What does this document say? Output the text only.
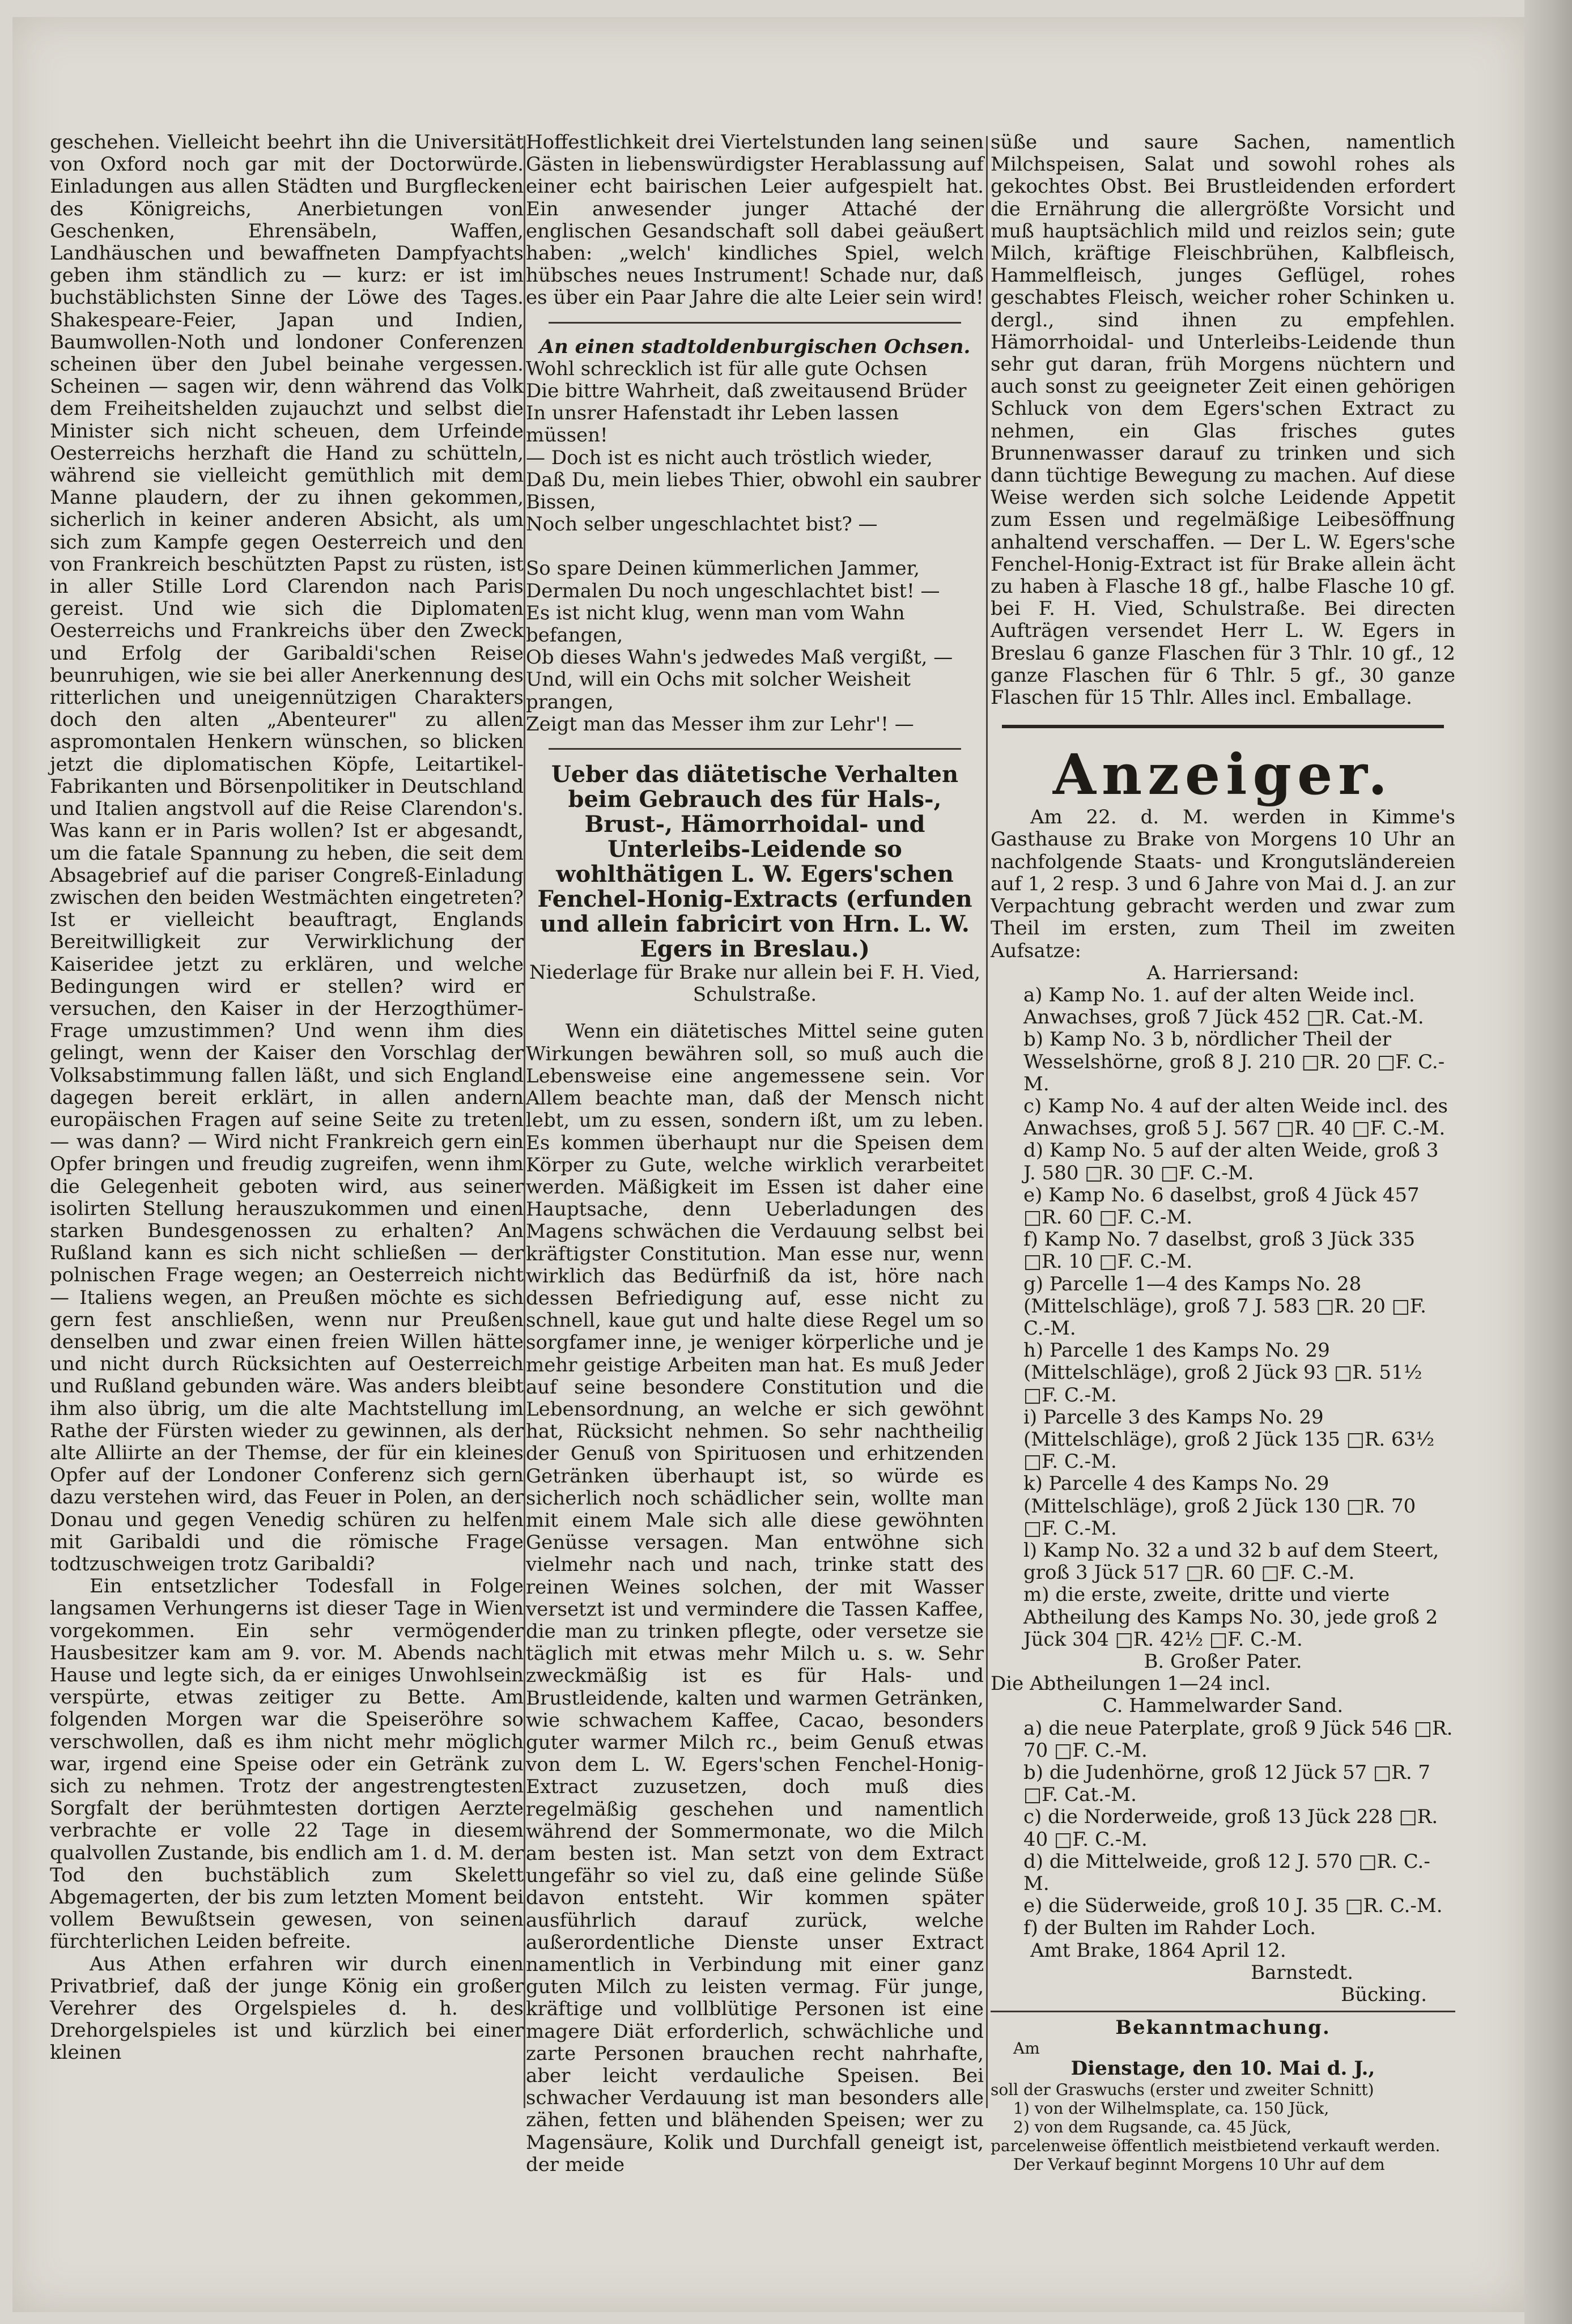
geschehen. Vielleicht beehrt ihn die Universität von Oxford noch gar mit der Doctorwürde. Einladungen aus allen Städten und Burgflecken des Königreichs, Anerbietungen von Geschenken, Ehrensäbeln, Waffen, Landhäuschen und bewaffneten Dampfyachts geben ihm ständlich zu — kurz: er ist im buchstäblichsten Sinne der Löwe des Tages. Shakespeare-Feier, Japan und Indien, Baumwollen-Noth und londoner Conferenzen scheinen über den Jubel beinahe vergessen. Scheinen — sagen wir, denn während das Volk dem Freiheitshelden zujauchzt und selbst die Minister sich nicht scheuen, dem Urfeinde Oesterreichs herzhaft die Hand zu schütteln, während sie vielleicht gemüthlich mit dem Manne plaudern, der zu ihnen gekommen, sicherlich in keiner anderen Absicht, als um sich zum Kampfe gegen Oesterreich und den von Frankreich beschützten Papst zu rüsten, ist in aller Stille Lord Clarendon nach Paris gereist. Und wie sich die Diplomaten Oesterreichs und Frankreichs über den Zweck und Erfolg der Garibaldi'schen Reise beunruhigen, wie sie bei aller Anerkennung des ritterlichen und uneigennützigen Charakters doch den alten „Abenteurer" zu allen aspromontalen Henkern wünschen, so blicken jetzt die diplomatischen Köpfe, Leitartikel-Fabrikanten und Börsenpolitiker in Deutschland und Italien angstvoll auf die Reise Clarendon's. Was kann er in Paris wollen? Ist er abgesandt, um die fatale Spannung zu heben, die seit dem Absagebrief auf die pariser Congreß-Einladung zwischen den beiden Westmächten eingetreten? Ist er vielleicht beauftragt, Englands Bereitwilligkeit zur Verwirklichung der Kaiseridee jetzt zu erklären, und welche Bedingungen wird er stellen? wird er versuchen, den Kaiser in der Herzogthümer-Frage umzustimmen? Und wenn ihm dies gelingt, wenn der Kaiser den Vorschlag der Volksabstimmung fallen läßt, und sich England dagegen bereit erklärt, in allen andern europäischen Fragen auf seine Seite zu treten — was dann? — Wird nicht Frankreich gern ein Opfer bringen und freudig zugreifen, wenn ihm die Gelegenheit geboten wird, aus seiner isolirten Stellung herauszukommen und einen starken Bundesgenossen zu erhalten? An Rußland kann es sich nicht schließen — der polnischen Frage wegen; an Oesterreich nicht — Italiens wegen, an Preußen möchte es sich gern fest anschließen, wenn nur Preußen denselben und zwar einen freien Willen hätte und nicht durch Rücksichten auf Oesterreich und Rußland gebunden wäre. Was anders bleibt ihm also übrig, um die alte Machtstellung im Rathe der Fürsten wieder zu gewinnen, als der alte Alliirte an der Themse, der für ein kleines Opfer auf der Londoner Conferenz sich gern dazu verstehen wird, das Feuer in Polen, an der Donau und gegen Venedig schüren zu helfen mit Garibaldi und die römische Frage todtzuschweigen trotz Garibaldi?

Ein entsetzlicher Todesfall in Folge langsamen Verhungerns ist dieser Tage in Wien vorgekommen. Ein sehr vermögender Hausbesitzer kam am 9. vor. M. Abends nach Hause und legte sich, da er einiges Unwohlsein verspürte, etwas zeitiger zu Bette. Am folgenden Morgen war die Speiseröhre so verschwollen, daß es ihm nicht mehr möglich war, irgend eine Speise oder ein Getränk zu sich zu nehmen. Trotz der angestrengtesten Sorgfalt der berühmtesten dortigen Aerzte verbrachte er volle 22 Tage in diesem qualvollen Zustande, bis endlich am 1. d. M. der Tod den buchstäblich zum Skelett Abgemagerten, der bis zum letzten Moment bei vollem Bewußtsein gewesen, von seinen fürchterlichen Leiden befreite.

Aus Athen erfahren wir durch einen Privatbrief, daß der junge König ein großer Verehrer des Orgelspieles d. h. des Drehorgelspieles ist und kürzlich bei einer kleinen

Hoffestlichkeit drei Viertelstunden lang seinen Gästen in liebenswürdigster Herablassung auf einer echt bairischen Leier aufgespielt hat. Ein anwesender junger Attaché der englischen Gesandschaft soll dabei geäußert haben: „welch' kindliches Spiel, welch hübsches neues Instrument! Schade nur, daß es über ein Paar Jahre die alte Leier sein wird!

An einen stadtoldenburgischen Ochsen.

Wohl schrecklich ist für alle gute Ochsen

Die bittre Wahrheit, daß zweitausend Brüder

In unsrer Hafenstadt ihr Leben lassen müssen!

— Doch ist es nicht auch tröstlich wieder,

Daß Du, mein liebes Thier, obwohl ein saubrer Bissen,

Noch selber ungeschlachtet bist? —

So spare Deinen kümmerlichen Jammer,

Dermalen Du noch ungeschlachtet bist! —

Es ist nicht klug, wenn man vom Wahn befangen,

Ob dieses Wahn's jedwedes Maß vergißt, —

Und, will ein Ochs mit solcher Weisheit prangen,

Zeigt man das Messer ihm zur Lehr'! —

Ueber das diätetische Verhalten beim Gebrauch des für Hals-, Brust-, Hämorrhoidal- und Unterleibs-Leidende so wohlthätigen L. W. Egers'schen Fenchel-Honig-Extracts (erfunden und allein fabricirt von Hrn. L. W. Egers in Breslau.)

Niederlage für Brake nur allein bei F. H. Vied, Schulstraße.

Wenn ein diätetisches Mittel seine guten Wirkungen bewähren soll, so muß auch die Lebensweise eine angemessene sein. Vor Allem beachte man, daß der Mensch nicht lebt, um zu essen, sondern ißt, um zu leben. Es kommen überhaupt nur die Speisen dem Körper zu Gute, welche wirklich verarbeitet werden. Mäßigkeit im Essen ist daher eine Hauptsache, denn Ueberladungen des Magens schwächen die Verdauung selbst bei kräftigster Constitution. Man esse nur, wenn wirklich das Bedürfniß da ist, höre nach dessen Befriedigung auf, esse nicht zu schnell, kaue gut und halte diese Regel um so sorgfamer inne, je weniger körperliche und je mehr geistige Arbeiten man hat. Es muß Jeder auf seine besondere Constitution und die Lebensordnung, an welche er sich gewöhnt hat, Rücksicht nehmen. So sehr nachtheilig der Genuß von Spirituosen und erhitzenden Getränken überhaupt ist, so würde es sicherlich noch schädlicher sein, wollte man mit einem Male sich alle diese gewöhnten Genüsse versagen. Man entwöhne sich vielmehr nach und nach, trinke statt des reinen Weines solchen, der mit Wasser versetzt ist und vermindere die Tassen Kaffee, die man zu trinken pflegte, oder versetze sie täglich mit etwas mehr Milch u. s. w. Sehr zweckmäßig ist es für Hals- und Brustleidende, kalten und warmen Getränken, wie schwachem Kaffee, Cacao, besonders guter warmer Milch rc., beim Genuß etwas von dem L. W. Egers'schen Fenchel-Honig-Extract zuzusetzen, doch muß dies regelmäßig geschehen und namentlich während der Sommermonate, wo die Milch am besten ist. Man setzt von dem Extract ungefähr so viel zu, daß eine gelinde Süße davon entsteht. Wir kommen später ausführlich darauf zurück, welche außerordentliche Dienste unser Extract namentlich in Verbindung mit einer ganz guten Milch zu leisten vermag. Für junge, kräftige und vollblütige Personen ist eine magere Diät erforderlich, schwächliche und zarte Personen brauchen recht nahrhafte, aber leicht verdauliche Speisen. Bei schwacher Verdauung ist man besonders alle zähen, fetten und blähenden Speisen; wer zu Magensäure, Kolik und Durchfall geneigt ist, der meide

süße und saure Sachen, namentlich Milchspeisen, Salat und sowohl rohes als gekochtes Obst. Bei Brustleidenden erfordert die Ernährung die allergrößte Vorsicht und muß hauptsächlich mild und reizlos sein; gute Milch, kräftige Fleischbrühen, Kalbfleisch, Hammelfleisch, junges Geflügel, rohes geschabtes Fleisch, weicher roher Schinken u. dergl., sind ihnen zu empfehlen. Hämorrhoidal- und Unterleibs-Leidende thun sehr gut daran, früh Morgens nüchtern und auch sonst zu geeigneter Zeit einen gehörigen Schluck von dem Egers'schen Extract zu nehmen, ein Glas frisches gutes Brunnenwasser darauf zu trinken und sich dann tüchtige Bewegung zu machen. Auf diese Weise werden sich solche Leidende Appetit zum Essen und regelmäßige Leibesöffnung anhaltend verschaffen. — Der L. W. Egers'sche Fenchel-Honig-Extract ist für Brake allein ächt zu haben à Flasche 18 gf., halbe Flasche 10 gf. bei F. H. Vied, Schulstraße. Bei directen Aufträgen versendet Herr L. W. Egers in Breslau 6 ganze Flaschen für 3 Thlr. 10 gf., 12 ganze Flaschen für 6 Thlr. 5 gf., 30 ganze Flaschen für 15 Thlr. Alles incl. Emballage.

Anzeiger.

Am 22. d. M. werden in Kimme's Gasthause zu Brake von Morgens 10 Uhr an nachfolgende Staats- und Krongutsländereien auf 1, 2 resp. 3 und 6 Jahre von Mai d. J. an zur Verpachtung gebracht werden und zwar zum Theil im ersten, zum Theil im zweiten Aufsatze:

A. Harriersand:

a) Kamp No. 1. auf der alten Weide incl. Anwachses, groß 7 Jück 452 □R. Cat.-M.

b) Kamp No. 3 b, nördlicher Theil der Wesselshörne, groß 8 J. 210 □R. 20 □F. C.-M.

c) Kamp No. 4 auf der alten Weide incl. des Anwachses, groß 5 J. 567 □R. 40 □F. C.-M.

d) Kamp No. 5 auf der alten Weide, groß 3 J. 580 □R. 30 □F. C.-M.

e) Kamp No. 6 daselbst, groß 4 Jück 457 □R. 60 □F. C.-M.

f) Kamp No. 7 daselbst, groß 3 Jück 335 □R. 10 □F. C.-M.

g) Parcelle 1—4 des Kamps No. 28 (Mittelschläge), groß 7 J. 583 □R. 20 □F. C.-M.

h) Parcelle 1 des Kamps No. 29 (Mittelschläge), groß 2 Jück 93 □R. 51½ □F. C.-M.

i) Parcelle 3 des Kamps No. 29 (Mittelschläge), groß 2 Jück 135 □R. 63½ □F. C.-M.

k) Parcelle 4 des Kamps No. 29 (Mittelschläge), groß 2 Jück 130 □R. 70 □F. C.-M.

l) Kamp No. 32 a und 32 b auf dem Steert, groß 3 Jück 517 □R. 60 □F. C.-M.

m) die erste, zweite, dritte und vierte Abtheilung des Kamps No. 30, jede groß 2 Jück 304 □R. 42½ □F. C.-M.

B. Großer Pater.

Die Abtheilungen 1—24 incl.

C. Hammelwarder Sand.

a) die neue Paterplate, groß 9 Jück 546 □R. 70 □F. C.-M.

b) die Judenhörne, groß 12 Jück 57 □R. 7 □F. Cat.-M.

c) die Norderweide, groß 13 Jück 228 □R. 40 □F. C.-M.

d) die Mittelweide, groß 12 J. 570 □R. C.-M.

e) die Süderweide, groß 10 J. 35 □R. C.-M.

f) der Bulten im Rahder Loch.

Amt Brake, 1864 April 12.

Barnstedt.

Bücking.

Bekanntmachung.

Am

Dienstage, den 10. Mai d. J.,

soll der Graswuchs (erster und zweiter Schnitt)

1) von der Wilhelmsplate, ca. 150 Jück,

2) von dem Rugsande, ca. 45 Jück,

parcelenweise öffentlich meistbietend verkauft werden.

Der Verkauf beginnt Morgens 10 Uhr auf dem
